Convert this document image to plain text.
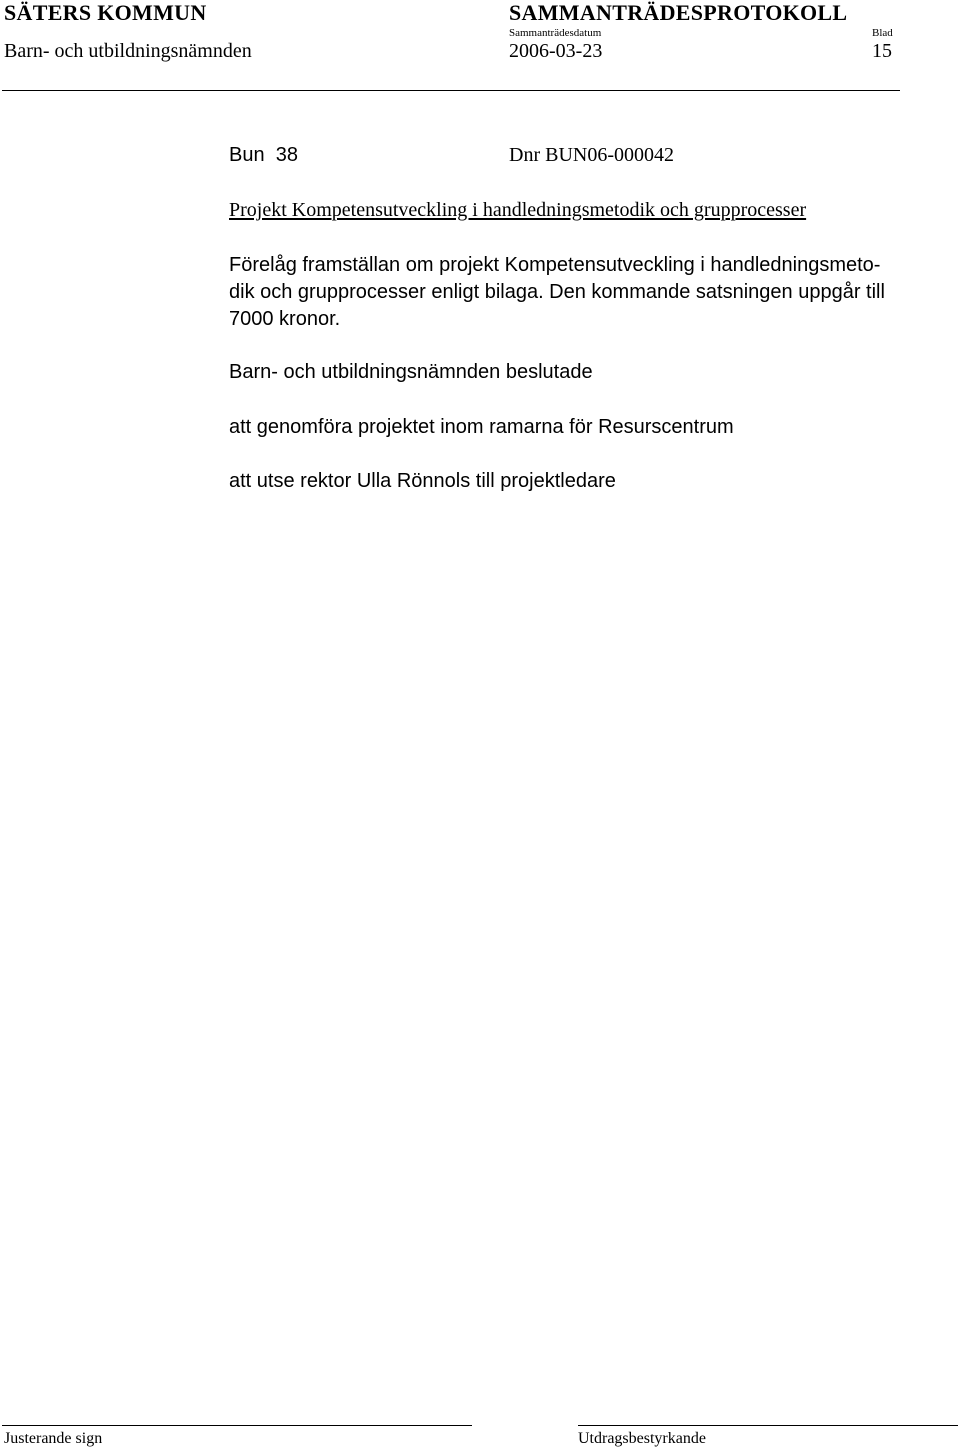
SÄTERS KOMMUN	SAMMANTRÄDESPROTOKOLL
Sammanträdesdatum	Blad
Barn- och utbildningsnämnden	2006-03-23	15
Bun  38	Dnr BUN06-000042
Projekt Kompetensutveckling i handledningsmetodik och grupprocesser
Förelåg framställan om projekt Kompetensutveckling i handledningsmeto-
dik och grupprocesser enligt bilaga. Den kommande satsningen uppgår till
7000 kronor.
Barn- och utbildningsnämnden beslutade
att genomföra projektet inom ramarna för Resurscentrum
att utse rektor Ulla Rönnols till projektledare
Justerande sign	Utdragsbestyrkande
